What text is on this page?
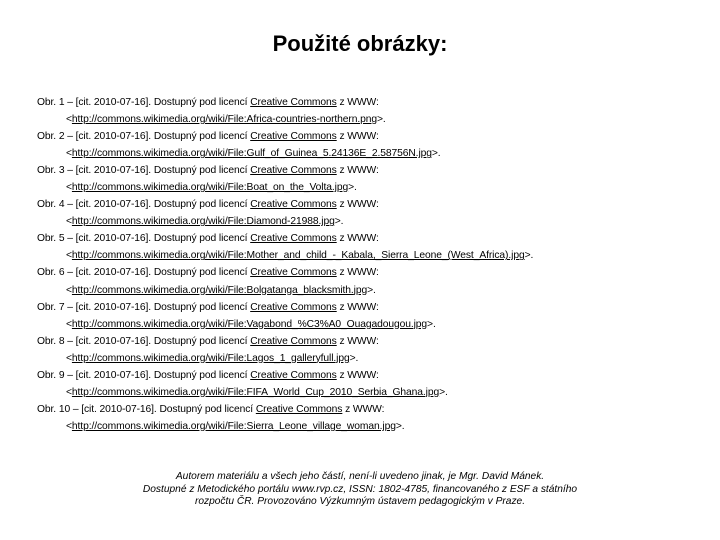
Použité obrázky:
Obr. 1 – [cit. 2010-07-16]. Dostupný pod licencí Creative Commons z WWW:
<http://commons.wikimedia.org/wiki/File:Africa-countries-northern.png>.
Obr. 2 – [cit. 2010-07-16]. Dostupný pod licencí Creative Commons z WWW:
<http://commons.wikimedia.org/wiki/File:Gulf_of_Guinea_5.24136E_2.58756N.jpg>.
Obr. 3 – [cit. 2010-07-16]. Dostupný pod licencí Creative Commons z WWW:
<http://commons.wikimedia.org/wiki/File:Boat_on_the_Volta.jpg>.
Obr. 4 – [cit. 2010-07-16]. Dostupný pod licencí Creative Commons z WWW:
<http://commons.wikimedia.org/wiki/File:Diamond-21988.jpg>.
Obr. 5 – [cit. 2010-07-16]. Dostupný pod licencí Creative Commons z WWW:
<http://commons.wikimedia.org/wiki/File:Mother_and_child_-_Kabala,_Sierra_Leone_(West_Africa).jpg>.
Obr. 6 – [cit. 2010-07-16]. Dostupný pod licencí Creative Commons z WWW:
<http://commons.wikimedia.org/wiki/File:Bolgatanga_blacksmith.jpg>.
Obr. 7 – [cit. 2010-07-16]. Dostupný pod licencí Creative Commons z WWW:
<http://commons.wikimedia.org/wiki/File:Vagabond_%C3%A0_Ouagadougou.jpg>.
Obr. 8 – [cit. 2010-07-16]. Dostupný pod licencí Creative Commons z WWW:
<http://commons.wikimedia.org/wiki/File:Lagos_1_galleryfull.jpg>.
Obr. 9 – [cit. 2010-07-16]. Dostupný pod licencí Creative Commons z WWW:
<http://commons.wikimedia.org/wiki/File:FIFA_World_Cup_2010_Serbia_Ghana.jpg>.
Obr. 10 – [cit. 2010-07-16]. Dostupný pod licencí Creative Commons z WWW:
<http://commons.wikimedia.org/wiki/File:Sierra_Leone_village_woman.jpg>.
Autorem materiálu a všech jeho částí, není-li uvedeno jinak, je Mgr. David Mánek.
Dostupné z Metodického portálu www.rvp.cz, ISSN: 1802-4785, financovaného z ESF a státního
rozpočtu ČR. Provozováno Výzkumným ústavem pedagogickým v Praze.
